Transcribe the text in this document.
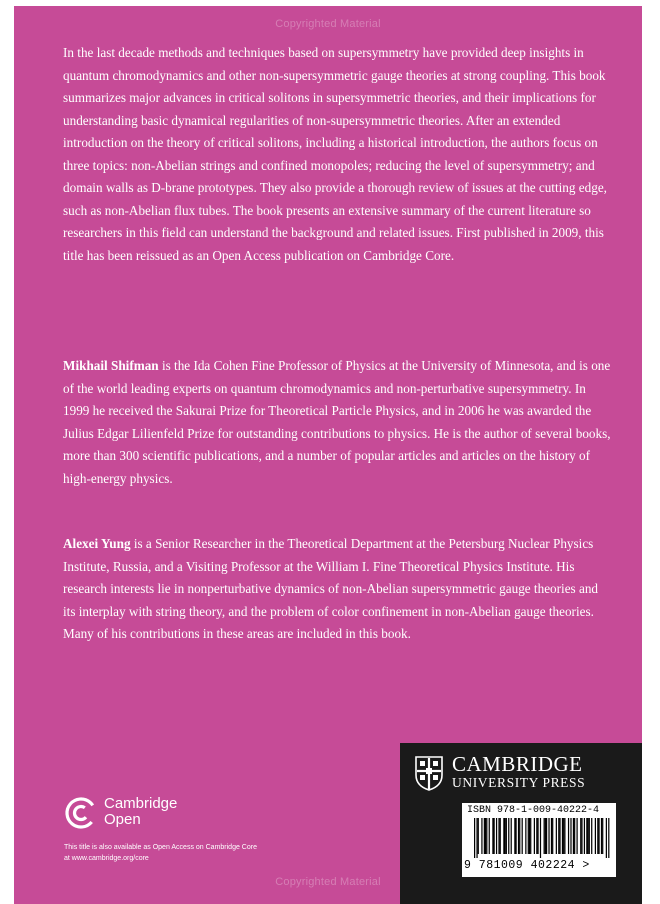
Copyrighted Material
In the last decade methods and techniques based on supersymmetry have provided deep insights in quantum chromodynamics and other non-supersymmetric gauge theories at strong coupling. This book summarizes major advances in critical solitons in supersymmetric theories, and their implications for understanding basic dynamical regularities of non-supersymmetric theories. After an extended introduction on the theory of critical solitons, including a historical introduction, the authors focus on three topics: non-Abelian strings and confined monopoles; reducing the level of supersymmetry; and domain walls as D-brane prototypes. They also provide a thorough review of issues at the cutting edge, such as non-Abelian flux tubes. The book presents an extensive summary of the current literature so researchers in this field can understand the background and related issues. First published in 2009, this title has been reissued as an Open Access publication on Cambridge Core.
Mikhail Shifman is the Ida Cohen Fine Professor of Physics at the University of Minnesota, and is one of the world leading experts on quantum chromodynamics and non-perturbative supersymmetry. In 1999 he received the Sakurai Prize for Theoretical Particle Physics, and in 2006 he was awarded the Julius Edgar Lilienfeld Prize for outstanding contributions to physics. He is the author of several books, more than 300 scientific publications, and a number of popular articles and articles on the history of high-energy physics.
Alexei Yung is a Senior Researcher in the Theoretical Department at the Petersburg Nuclear Physics Institute, Russia, and a Visiting Professor at the William I. Fine Theoretical Physics Institute. His research interests lie in nonperturbative dynamics of non-Abelian supersymmetric gauge theories and its interplay with string theory, and the problem of color confinement in non-Abelian gauge theories. Many of his contributions in these areas are included in this book.
Cambridge
Open
This title is also available as Open Access on Cambridge Core at www.cambridge.org/core
Copyrighted Material
CAMBRIDGE
UNIVERSITY PRESS
ISBN 978-1-009-40222-4
9 781009 402224 >
